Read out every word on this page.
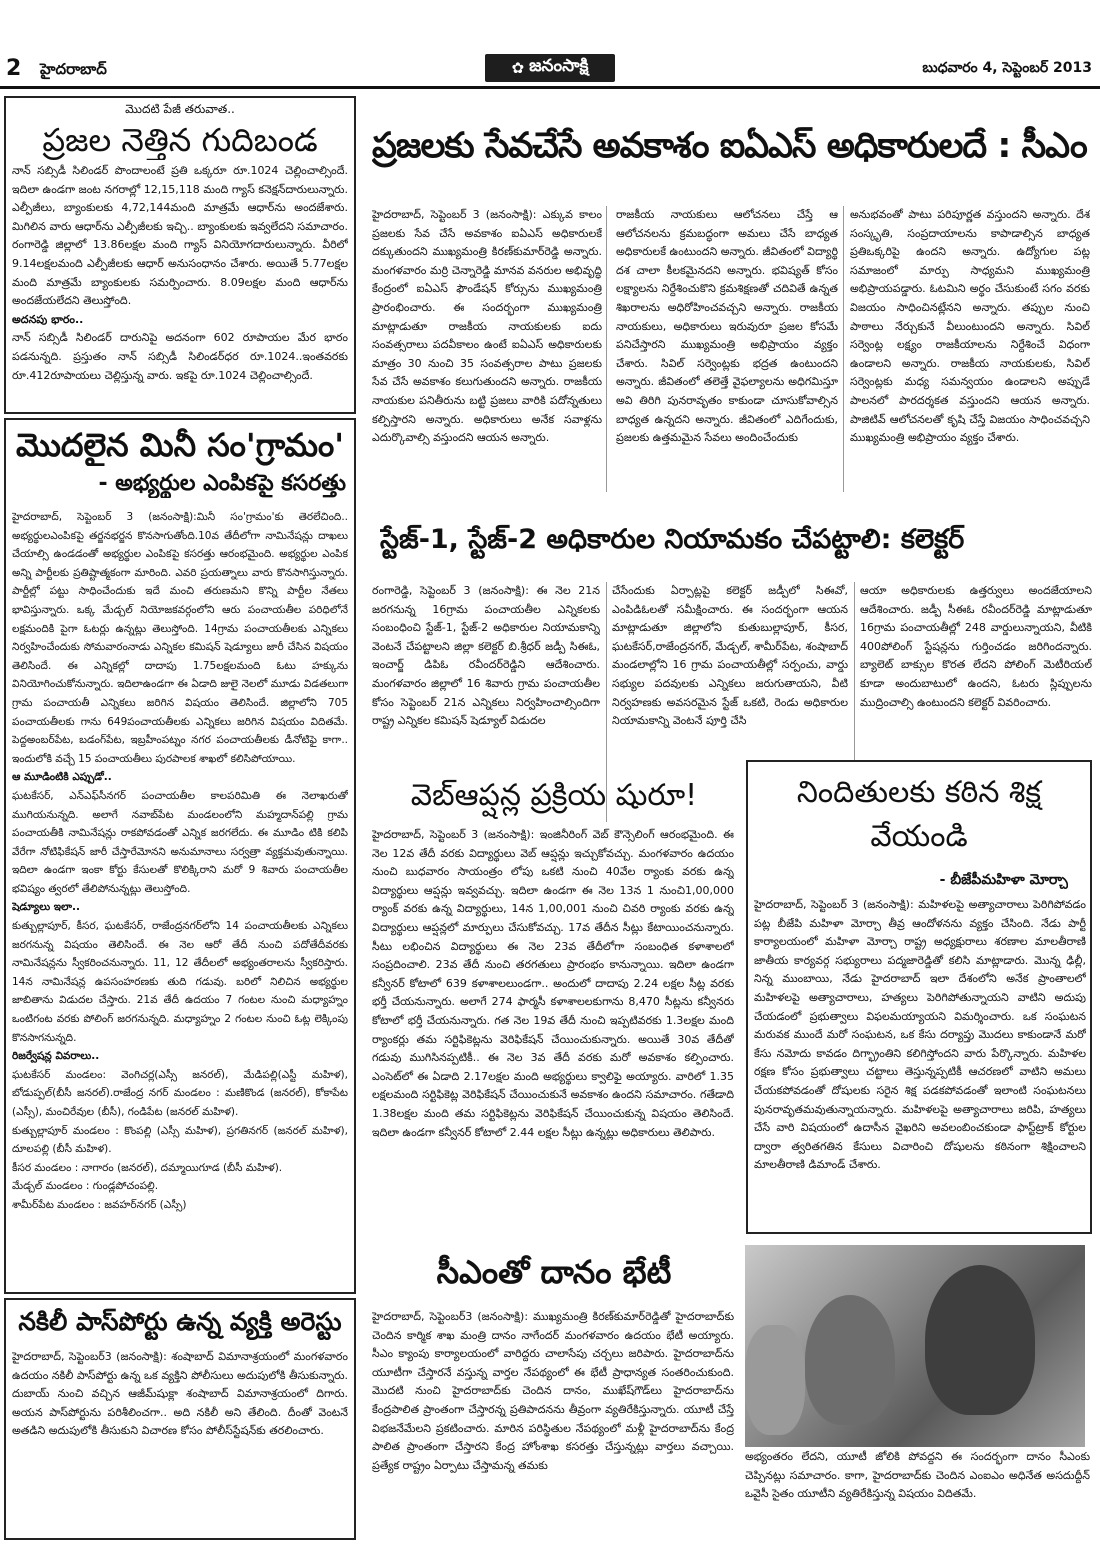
2 హైదరాబాద్	✿ జనంసాక్షి	బుధవారం 4, సెప్టెంబర్ 2013
మొదటి పేజీ తరువాత..
ప్రజల నెత్తిన గుదిబండ

నాన్ సబ్సిడీ సిలిండర్ పొందాలంటే ప్రతి ఒక్కరూ రూ.1024 చెల్లించాల్సిందే. ఇదిలా ఉండగా జంట నగరాల్లో 12,15,118 మంది గ్యాస్ కనెక్షన్‌దారులున్నారు. ఎల్పీజీలు, బ్యాంకులకు 4,72,144మంది మాత్రమే ఆధార్‌ను అందజేశారు. మిగిలిన వారు ఆధార్‌ను ఎల్పీజీలకు ఇచ్చి.. బ్యాంకులకు ఇవ్వలేదని సమాచారం. రంగారెడ్డి జిల్లాలో 13.86లక్షల మంది గ్యాస్ వినియోగదారులున్నారు. వీరిలో 9.14లక్షలమంది ఎల్పీజీలకు ఆధార్ అనుసంధానం చేశారు. అయితే 5.77లక్షల మంది మాత్రమే బ్యాంకులకు సమర్పించారు. 8.09లక్షల మంది ఆధార్‌ను అందజేయలేదని తెలుస్తోంది.

అదనపు భారం..

నాన్ సబ్సిడీ సిలిండర్ దారునిపై అదనంగా 602 రూపాయల మేర భారం పడనున్నది. ప్రస్తుతం నాన్ సబ్సిడీ సిలిండర్‌ధర రూ.1024..ఇంతవరకు రూ.412రూపాయలు చెల్లిస్తున్న వారు. ఇకపై రూ.1024 చెల్లించాల్సిందే.

మొదలైన మినీ సం'గ్రామం'
- అభ్యర్థుల ఎంపికపై కసరత్తు

హైదరాబాద్, సెప్టెంబర్ 3 (జనంసాక్షి):మినీ సం'గ్రామం'కు తెరలేచింది.. అభ్యర్థులఎంపికపై తర్జనభర్జన కొనసాగుతోంది.10వ తేదీలోగా నామినేషన్లు దాఖలు చేయాల్సి ఉండడంతో అభ్యర్థుల ఎంపికపై కసరత్తు ఆరంభమైంది. అభ్యర్థుల ఎంపిక అన్ని పార్టీలకు ప్రతిష్టాత్మకంగా మారింది. ఎవరి ప్రయత్నాలు వారు కొనసాగిస్తున్నారు. పార్టీల్లో పట్టు సాధించేందుకు ఇదే మంచి తరుణమని కొన్ని పార్టీల నేతలు భావిస్తున్నారు. ఒక్క మేడ్చల్ నియోజకవర్గంలోని ఆరు పంచాయతీల పరిధిలోనే లక్షమందికి పైగా ఓటర్లు ఉన్నట్లు తెలుస్తోంది. 14గ్రామ పంచాయతీలకు ఎన్నికలు నిర్వహించేందుకు సోమవారంనాడు ఎన్నికల కమిషన్ షెడ్యూలు జారీ చేసిన విషయం తెలిసిందే. ఈ ఎన్నికల్లో దాదాపు 1.75లక్షలమంది ఓటు హక్కును వినియోగించుకోనున్నారు. ఇదిలాఉండగా ఈ ఏడాది జులై నెలలో మూడు విడతలుగా గ్రామ పంచాయతీ ఎన్నికలు జరిగిన విషయం తెలిసిందే. జిల్లాలోని 705 పంచాయతీలకు గాను 649పంచాయతీలకు ఎన్నికలు జరిగిన విషయం విదితమే. పెద్దఅంబర్‌పేట, బడంగ్‌పేట, ఇబ్రహీంపట్నం నగర పంచాయతీలకు డీనోటిఫై కాగా.. ఇందులోకి వచ్చే 15 పంచాయతీలు పురపాలక శాఖలో కలిసిపోయాయి.

ఆ మూడింటికి ఎప్పుడో..

ఘటకేసర్, ఎన్‌ఎఫ్‌సీనగర్ పంచాయతీల కాలపరిమితి ఈ నెలాఖరుతో ముగియనున్నది. అలాగే నవాబ్‌పేట మండలంలోని మహ్మదాన్‌పల్లి గ్రామ పంచాయతీకి నామినేషన్లు రాకపోవడంతో ఎన్నిక జరగలేదు. ఈ మూడిం టికి కలిపి వేరేగా నోటిఫికేషన్ జారీ చేస్తారేమోనని అనుమానాలు సర్వత్రా వ్యక్తమవుతున్నాయి. ఇదిలా ఉండగా ఇంకా కోర్టు కేసులతో కొలిక్కిరాని మరో 9 శివారు పంచాయతీల భవిష్యం త్వరలో తేలిపోనున్నట్లు తెలుస్తోంది.

షెడ్యూలు ఇలా..

కుత్బుల్లాపూర్, కీసర, ఘటకేసర్, రాజేంద్రనగర్‌లోని 14 పంచాయతీలకు ఎన్నికలు జరగనున్న విషయం తెలిసిందే. ఈ నెల ఆరో తేదీ నుంచి పదోతేదీవరకు నామినేషన్లను స్వీకరించనున్నారు. 11, 12 తేదీలలో అభ్యంతరాలను స్వీకరిస్తారు. 14న నామినేషన్ల ఉపసంహరణకు తుది గడువు. బరిలో నిలిచిన అభ్యర్థుల జాబితాను విడుదల చేస్తారు. 21వ తేదీ ఉదయం 7 గంటల నుంచి మధ్యాహ్నం ఒంటిగంట వరకు పోలింగ్ జరగనున్నది. మధ్యాహ్నం 2 గంటల నుంచి ఓట్ల లెక్కింపు కొనసాగనున్నది.

రిజర్వేషన్ల వివరాలు..

ఘటకేసర్ మండలం: వెంగిచర్ల(ఎస్సీ జనరల్), మేడిపల్లి(ఎస్టీ మహిళ), బోడుప్పల్(బీసీ జనరల్).రాజేంద్ర నగర్ మండలం : మణికొండ (జనరల్), కోకాపేట (ఎస్సీ), మంచిరేవుల (బీసీ), గండిపేట (జనరల్ మహిళ).

కుత్బుల్లాపూర్ మండలం : కొంపల్లి (ఎస్సీ మహిళ), ప్రగతినగర్ (జనరల్ మహిళ), దూలపల్లి (బీసీ మహిళ).

కీసర మండలం : నాగారం (జనరల్), దమ్మాయిగూడ (బీసీ మహిళ).

మేడ్చల్ మండలం : గుండ్లపోచంపల్లి.

శామీర్‌పేట మండలం : జవహర్‌నగర్ (ఎస్సీ)

నకిలీ పాస్‌పోర్టు ఉన్న వ్యక్తి అరెస్టు
హైదరాబాద్, సెప్టెంబర్3 (జనంసాక్షి): శంషాబాద్ విమానాశ్రయంలో మంగళవారం ఉదయం నకిలీ పాస్‌పోర్టు ఉన్న ఒక వ్యక్తిని పోలీసులు అదుపులోకి తీసుకున్నారు. దుబాయ్ నుంచి వచ్చిన ఆజీమ్‌షుక్లా శంషాబాద్ విమానాశ్రయంలో దిగారు. అయన పాస్‌పోర్టును పరిశీలించగా.. అది నకిలీ అని తేలింది. దీంతో వెంటనే అతడిని అదుపులోకి తీసుకుని విచారణ కోసం పోలీస్‌స్టేషన్‌కు తరలించారు.
ప్రజలకు సేవచేసే అవకాశం ఐఏఎస్ అధికారులదే : సీఎం
హైదరాబాద్, సెప్టెంబర్ 3 (జనంసాక్షి): ఎక్కువ కాలం ప్రజలకు సేవ చేసే అవకాశం ఐఏఎస్ అధికారులకే దక్కుతుందని ముఖ్యమంత్రి కిరణ్‌కుమార్‌రెడ్డి అన్నారు. మంగళవారం మర్రి చెన్నారెడ్డి మానవ వనరుల అభివృద్ధి కేంద్రంలో ఐఏఎస్ ఫౌండేషన్ కోర్సును ముఖ్యమంత్రి ప్రారంభించారు. ఈ సందర్భంగా ముఖ్యమంత్రి మాట్లాడుతూ రాజకీయ నాయకులకు ఐదు సంవత్సరాలు పదవీకాలం ఉంటే ఐఏఎస్ అధికారులకు మాత్రం 30 నుంచి 35 సంవత్సరాల పాటు ప్రజలకు సేవ చేసే అవకాశం కలుగుతుందని అన్నారు. రాజకీయ నాయకుల పనితీరును బట్టి ప్రజలు వారికి పదోన్నతులు కల్పిస్తారని అన్నారు. అధికారులు అనేక సవాళ్లను ఎదుర్కొవాల్సి వస్తుందని ఆయన అన్నారు.
రాజకీయ నాయకులు ఆలోచనలు చేస్తే ఆ ఆలోచనలను క్రమబద్ధంగా అమలు చేసే బాధ్యత అధికారులకే ఉంటుందని అన్నారు. జీవితంలో విద్యార్థి దశ చాలా కీలకమైనదని అన్నారు. భవిష్యత్ కోసం లక్ష్యాలను నిర్దేశించుకొని క్రమశిక్షణతో చదివితే ఉన్నత శిఖరాలను అధిరోహించవచ్చని అన్నారు. రాజకీయ నాయకులు, అధికారులు ఇరువురూ ప్రజల కోసమే పనిచేస్తారని ముఖ్యమంత్రి అభిప్రాయం వ్యక్తం చేశారు. సివిల్ సర్వెంట్లకు భద్రత ఉంటుందని అన్నారు. జీవితంలో తలెత్తే వైఫల్యాలను అధిగమిస్తూ అవి తిరిగి పునరావృతం కాకుండా చూసుకోవాల్సిన బాధ్యత ఉన్నదని అన్నారు. జీవితంలో ఎదిగేందుకు, ప్రజలకు ఉత్తమమైన సేవలు అందించేందుకు
అనుభవంతో పాటు పరిపూర్ణత వస్తుందని అన్నారు. దేశ సంస్కృతి, సంప్రదాయాలను కాపాడాల్సిన బాధ్యత ప్రతిఒక్కరిపై ఉందని అన్నారు. ఉద్యోగుల పట్ల సమాజంలో మార్పు సాధ్యమని ముఖ్యమంత్రి అభిప్రాయపడ్డారు. ఓటమిని అర్థం చేసుకుంటే సగం వరకు విజయం సాధించినట్లేనని అన్నారు. తప్పుల నుంచి పాఠాలు నేర్చుకునే వీలుంటుందని అన్నారు. సివిల్ సర్వెంట్ల లక్ష్యం రాజకీయాలను నిర్దేశించే విధంగా ఉండాలని అన్నారు. రాజకీయ నాయకులకు, సివిల్ సర్వెంట్లకు మధ్య సమన్వయం ఉండాలని అప్పుడే పాలనలో పారదర్శకత వస్తుందని ఆయన అన్నారు. పాజిటివ్ ఆలోచనలతో కృషి చేస్తే విజయం సాధించవచ్చని ముఖ్యమంత్రి అభిప్రాయం వ్యక్తం చేశారు.
స్టేజ్-1, స్టేజ్-2 అధికారుల నియామకం చేపట్టాలి: కలెక్టర్
రంగారెడ్డి, సెప్టెంబర్ 3 (జనంసాక్షి): ఈ నెల 21న జరగనున్న 16గ్రామ పంచాయతీల ఎన్నికలకు సంబంధించి స్టేజ్-1, స్టేజ్-2 అధికారుల నియామకాన్ని వెంటనే చేపట్టాలని జిల్లా కలెక్టర్ బి.శ్రీధర్ జడ్పీ సిఈఓ, ఇంచార్జ్ డిపిఓ రవీందర్‌రెడ్డిని ఆదేశించారు. మంగళవారం జిల్లాలో 16 శివారు గ్రామ పంచాయతీల కోసం సెప్టెంబర్ 21న ఎన్నికలు నిర్వహించాల్సిందిగా రాష్ట్ర ఎన్నికల కమిషన్ షెడ్యూల్ విడుదల
చేసేందుకు ఏర్పాట్లపై కలెక్టర్ జడ్పీలో సిఈవో, ఎంపిడిఓలతో సమీక్షించారు. ఈ సందర్భంగా ఆయన మాట్లాడుతూ జిల్లాలోని కుతుబుల్లాపూర్, కీసర, ఘటకేసర్,రాజేంద్రనగర్, మేడ్చల్, శామీర్‌పేట, శంషాబాద్ మండలాల్లోని 16 గ్రామ పంచాయతీల్లో సర్పంచు, వార్డు సభ్యుల పదవులకు ఎన్నికలు జరుగుతాయని, వీటి నిర్వహణకు అవసరమైన స్టేజ్ ఒకటి, రెండు అధికారుల నియామకాన్ని వెంటనే పూర్తి చేసి
ఆయా అధికారులకు ఉత్తర్వులు అందజేయాలని ఆదేశించారు. జడ్పీ సీఈఓ రవీందర్‌రెడ్డి మాట్లాడుతూ 16గ్రామ పంచాయతీల్లో 248 వార్డులున్నాయని, వీటికి 400పోలింగ్ స్టేషన్లను గుర్తించడం జరిగిందన్నారు. బ్యాలెట్ బాక్సుల కొరత లేదని పోలింగ్ మెటీరియల్ కూడా అందుబాటులో ఉందని, ఓటరు స్లిప్పులను ముద్రించాల్సి ఉంటుందని కలెక్టర్ వివరించారు.
వెబ్ఆప్షన్ల ప్రక్రియ షురూ!
హైదరాబాద్, సెప్టెంబర్ 3 (జనంసాక్షి): ఇంజినీరింగ్ వెబ్ కౌన్సెలింగ్ ఆరంభమైంది. ఈ నెల 12వ తేదీ వరకు విద్యార్థులు వెబ్ ఆప్షన్లు ఇచ్చుకోవచ్చు. మంగళవారం ఉదయం నుంచి బుధవారం సాయంత్రం లోపు ఒకటి నుంచి 40వేల ర్యాంకు వరకు ఉన్న విద్యార్థులు ఆప్షన్లు ఇవ్వవచ్చు. ఇదిలా ఉండగా ఈ నెల 13న 1 నుంచి1,00,000 ర్యాంక్ వరకు ఉన్న విద్యార్థులు, 14న 1,00,001 నుంచి చివరి ర్యాంకు వరకు ఉన్న విద్యార్థులు ఆప్షన్లలో మార్పులు చేసుకోవచ్చు. 17వ తేదీన సీట్లు కేటాయించనున్నారు. సీటు లభించిన విద్యార్థులు ఈ నెల 23వ తేదీలోగా సంబంధిత కళాశాలలో సంప్రదించాలి. 23వ తేదీ నుంచి తరగతులు ప్రారంభం కానున్నాయి. ఇదిలా ఉండగా కన్వీనర్ కోటాలో 639 కళాశాలలుండగా.. అందులో దాదాపు 2.24 లక్షల సీట్ల వరకు భర్తీ చేయనున్నారు. అలాగే 274 ఫార్మసీ కళాశాలలకుగాను 8,470 సీట్లను కన్వీనరు కోటాలో భర్తీ చేయనున్నారు. గత నెల 19వ తేదీ నుంచి ఇప్పటివరకు 1.3లక్షల మంది ర్యాంకర్లు తమ సర్టిఫికెట్లను వెరిఫికేషన్ చేయించుకున్నారు. అయితే 30వ తేదీతో గడువు ముగిసినప్పటికీ.. ఈ నెల 3వ తేదీ వరకు మరో అవకాశం కల్పించారు. ఎంసెట్‌లో ఈ ఏడాది 2.17లక్షల మంది అభ్యర్థులు క్వాలిఫై అయ్యారు. వారిలో 1.35 లక్షలమంది సర్టిఫికెట్ల వెరిఫికేషన్ చేయించుకునే అవకాశం ఉందని సమాచారం. గతేడాది 1.38లక్షల మంది తమ సర్టిఫికెట్లను వెరిఫికేషన్ చేయించుకున్న విషయం తెలిసిందే. ఇదిలా ఉండగా కన్వీనర్ కోటాలో 2.44 లక్షల సీట్లు ఉన్నట్లు అధికారులు తెలిపారు.
నిందితులకు కఠిన శిక్ష
వేయండి
- బీజేపీమహిళా మోర్చా
హైదరాబాద్, సెప్టెంబర్ 3 (జనంసాక్షి): మహిళలపై అత్యాచారాలు పెరిగిపోవడం పట్ల బీజేపి మహిళా మోర్చా తీవ్ర ఆందోళనను వ్యక్తం చేసింది. నేడు పార్టీ కార్యాలయంలో మహిళా మోర్చా రాష్ట్ర అధ్యక్షురాలు శరణాల మాలతీరాణి జాతీయ కార్యవర్గ సభ్యురాలు పద్మజారెడ్డితో కలిసి మాట్లాడారు. మొన్న ఢిల్లీ, నిన్న ముంబాయి, నేడు హైదరాబాద్ ఇలా దేశంలోని అనేక ప్రాంతాలలో మహిళలపై అత్యాచారాలు, హత్యలు పెరిగిపోతున్నాయని వాటిని అదుపు చేయడంలో ప్రభుత్వాలు విఫలమయ్యాయని విమర్శించారు. ఒక సంఘటన మరువక ముందే మరో సంఘటన, ఒక కేసు దర్యాప్తు మొదలు కాకుండానే మరో కేసు నమోదు కావడం దిగ్భ్రాంతిని కలిగిస్తోందని వారు పేర్కొన్నారు. మహిళల రక్షణ కోసం ప్రభుత్వాలు చట్టాలు తెస్తున్నప్పటికీ ఆచరణలో వాటిని అమలు చేయకపోవడంతో దోషులకు సరైన శిక్ష పడకపోవడంతో ఇలాంటి సంఘటనలు పునరావృతమవుతున్నాయన్నారు. మహిళలపై అత్యాచారాలు జరిపి, హత్యలు చేసే వారి విషయంలో ఉదాసీన వైఖరిని అవలంబించకుండా ఫాస్ట్‌ట్రాక్ కోర్టుల ద్వారా త్వరితగతిన కేసులు విచారించి దోషులను కఠినంగా శిక్షించాలని మాలతీరాణి డిమాండ్ చేశారు.
సీఎంతో దానం భేటీ
హైదరాబాద్, సెప్టెంబర్3 (జనంసాక్షి): ముఖ్యమంత్రి కిరణ్‌కుమార్‌రెడ్డితో హైదరాబాద్‌కు చెందిన కార్మిక శాఖ మంత్రి దానం నాగేందర్ మంగళవారం ఉదయం భేటీ అయ్యారు. సీఎం క్యాంపు కార్యాలయంలో వారిద్దరు చాలాసేపు చర్చలు జరిపారు. హైదరాబాద్‌ను యూటీగా చేస్తారనే వస్తున్న వార్తల నేపథ్యంలో ఈ భేటీ ప్రాధాన్యత సంతరించుకుంది. మొదటి నుంచి హైదరాబాద్‌కు చెందిన దానం, ముఖేష్‌గౌడ్‌లు హైదరాబాద్‌ను కేంద్రపాలిత ప్రాంతంగా చేస్తారన్న ప్రతిపాదనను తీవ్రంగా వ్యతిరేకిస్తున్నారు. యూటీ చేస్తే విభజనేమేలని ప్రకటించారు. మారిన పరిస్థితుల నేపథ్యంలో మళ్లీ హైదరాబాద్‌ను కేంద్ర పాలిత ప్రాంతంగా చేస్తారని కేంద్ర హోంశాఖ కసరత్తు చేస్తున్నట్లు వార్తలు వచ్చాయి. ప్రత్యేక రాష్ట్రం ఏర్పాటు చేస్తామన్న తమకు
అభ్యంతరం లేదని, యూటీ జోలికి పోవద్దని ఈ సందర్భంగా దానం సీఎంకు చెప్పినట్లు సమాచారం. కాగా, హైదరాబాద్‌కు చెందిన ఎంఐఎం అధినేత అసదుద్దీన్ ఒవైసీ సైతం యూటీని వ్యతిరేకిస్తున్న విషయం విదితమే.
